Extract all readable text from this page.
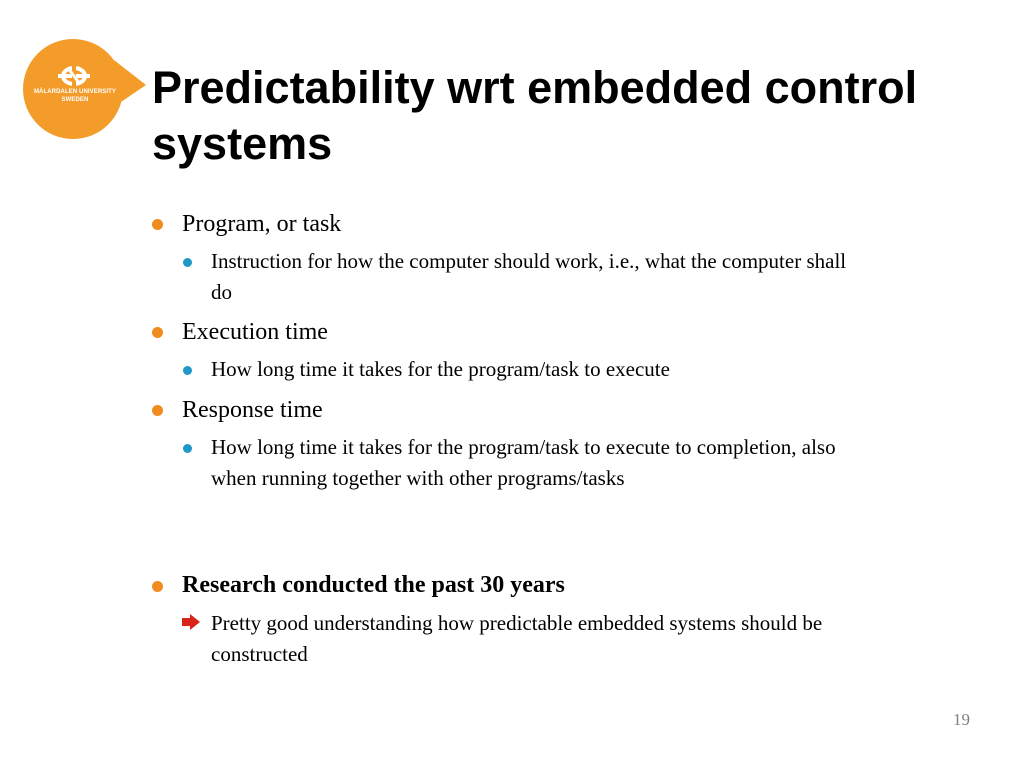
MÄLARDALEN UNIVERSITY SWEDEN	Predictability wrt embedded control systems

Program, or task

Instruction for how the computer should work, i.e., what the computer shall do

Execution time

How long time it takes for the program/task to execute

Response time

How long time it takes for the program/task to execute to completion, also when running together with other programs/tasks

Research conducted the past 30 years

Pretty good understanding how predictable embedded systems should be constructed

19
